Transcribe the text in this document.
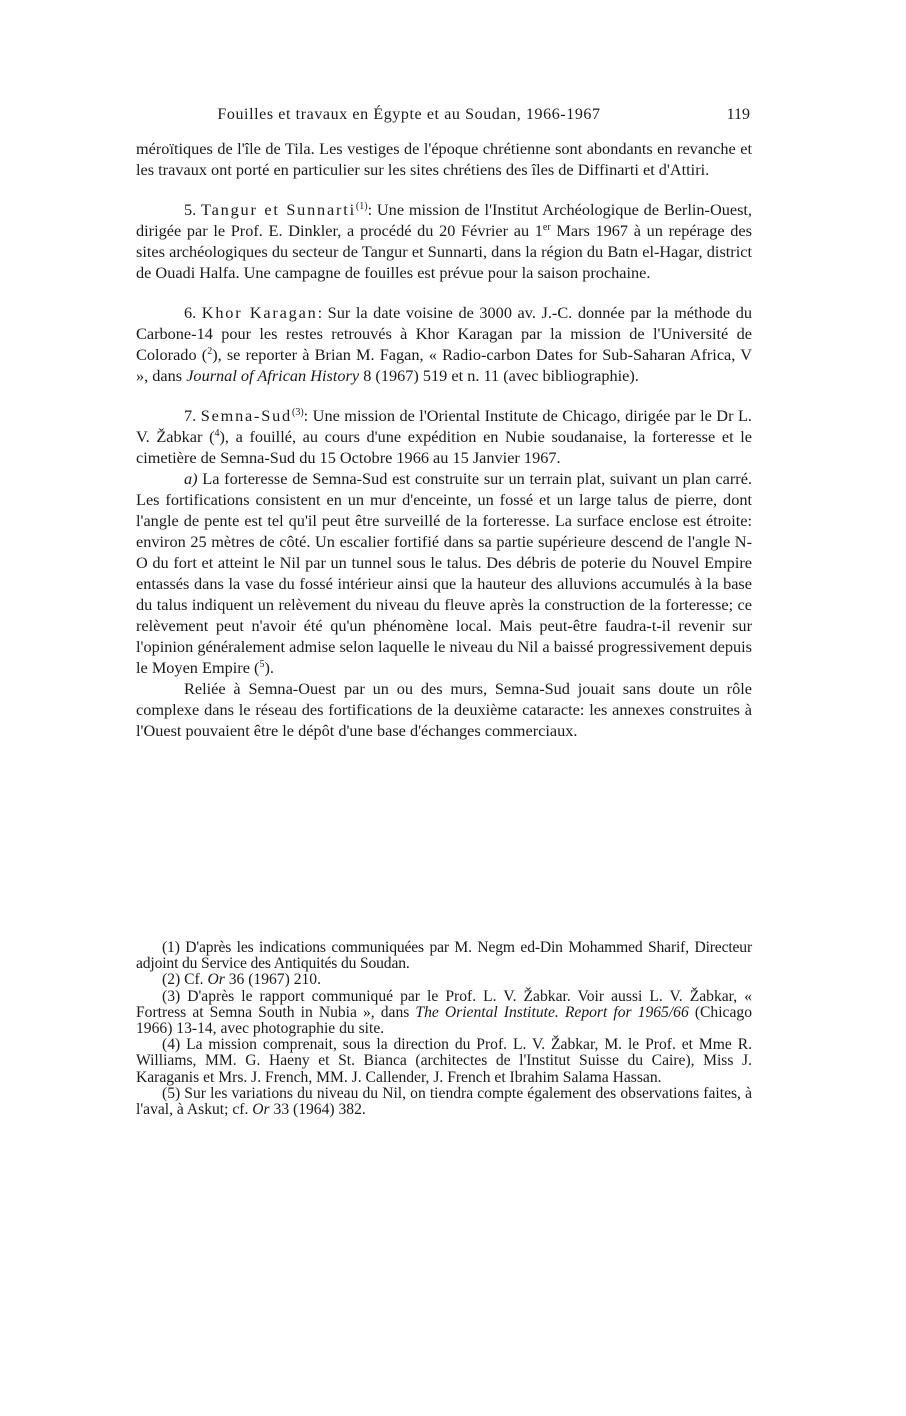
Fouilles et travaux en Égypte et au Soudan, 1966-1967	119

méroïtiques de l'île de Tila. Les vestiges de l'époque chrétienne sont abondants en revanche et les travaux ont porté en particulier sur les sites chrétiens des îles de Diffinarti et d'Attiri.

5. Tangur et Sunnarti$^{(1)}$: Une mission de l'Institut Archéologique de Berlin-Ouest, dirigée par le Prof. E. Dinkler, a procédé du 20 Février au 1er Mars 1967 à un repérage des sites archéologiques du secteur de Tangur et Sunnarti, dans la région du Batn el-Hagar, district de Ouadi Halfa. Une campagne de fouilles est prévue pour la saison prochaine.

6. Khor Karagan: Sur la date voisine de 3000 av. J.-C. donnée par la méthode du Carbone-14 pour les restes retrouvés à Khor Karagan par la mission de l'Université de Colorado ($^2$), se reporter à Brian M. Fagan, « Radio-carbon Dates for Sub-Saharan Africa, V », dans Journal of African History 8 (1967) 519 et n. 11 (avec bibliographie).

7. Semna-Sud$^{(3)}$: Une mission de l'Oriental Institute de Chicago, dirigée par le Dr L. V. Žabkar ($^4$), a fouillé, au cours d'une expédition en Nubie soudanaise, la forteresse et le cimetière de Semna-Sud du 15 Octobre 1966 au 15 Janvier 1967.

a) La forteresse de Semna-Sud est construite sur un terrain plat, suivant un plan carré. Les fortifications consistent en un mur d'enceinte, un fossé et un large talus de pierre, dont l'angle de pente est tel qu'il peut être surveillé de la forteresse. La surface enclose est étroite: environ 25 mètres de côté. Un escalier fortifié dans sa partie supérieure descend de l'angle N-O du fort et atteint le Nil par un tunnel sous le talus. Des débris de poterie du Nouvel Empire entassés dans la vase du fossé intérieur ainsi que la hauteur des alluvions accumulés à la base du talus indiquent un relèvement du niveau du fleuve après la construction de la forteresse; ce relèvement peut n'avoir été qu'un phénomène local. Mais peut-être faudra-t-il revenir sur l'opinion généralement admise selon laquelle le niveau du Nil a baissé progressivement depuis le Moyen Empire ($^5$).

Reliée à Semna-Ouest par un ou des murs, Semna-Sud jouait sans doute un rôle complexe dans le réseau des fortifications de la deuxième cataracte: les annexes construites à l'Ouest pouvaient être le dépôt d'une base d'échanges commerciaux.

(1) D'après les indications communiquées par M. Negm ed-Din Mohammed Sharif, Directeur adjoint du Service des Antiquités du Soudan.

(2) Cf. Or 36 (1967) 210.

(3) D'après le rapport communiqué par le Prof. L. V. Žabkar. Voir aussi L. V. Žabkar, « Fortress at Semna South in Nubia », dans The Oriental Institute. Report for 1965/66 (Chicago 1966) 13-14, avec photographie du site.

(4) La mission comprenait, sous la direction du Prof. L. V. Žabkar, M. le Prof. et Mme R. Williams, MM. G. Haeny et St. Bianca (architectes de l'Institut Suisse du Caire), Miss J. Karaganis et Mrs. J. French, MM. J. Callender, J. French et Ibrahim Salama Hassan.

(5) Sur les variations du niveau du Nil, on tiendra compte également des observations faites, à l'aval, à Askut; cf. Or 33 (1964) 382.
